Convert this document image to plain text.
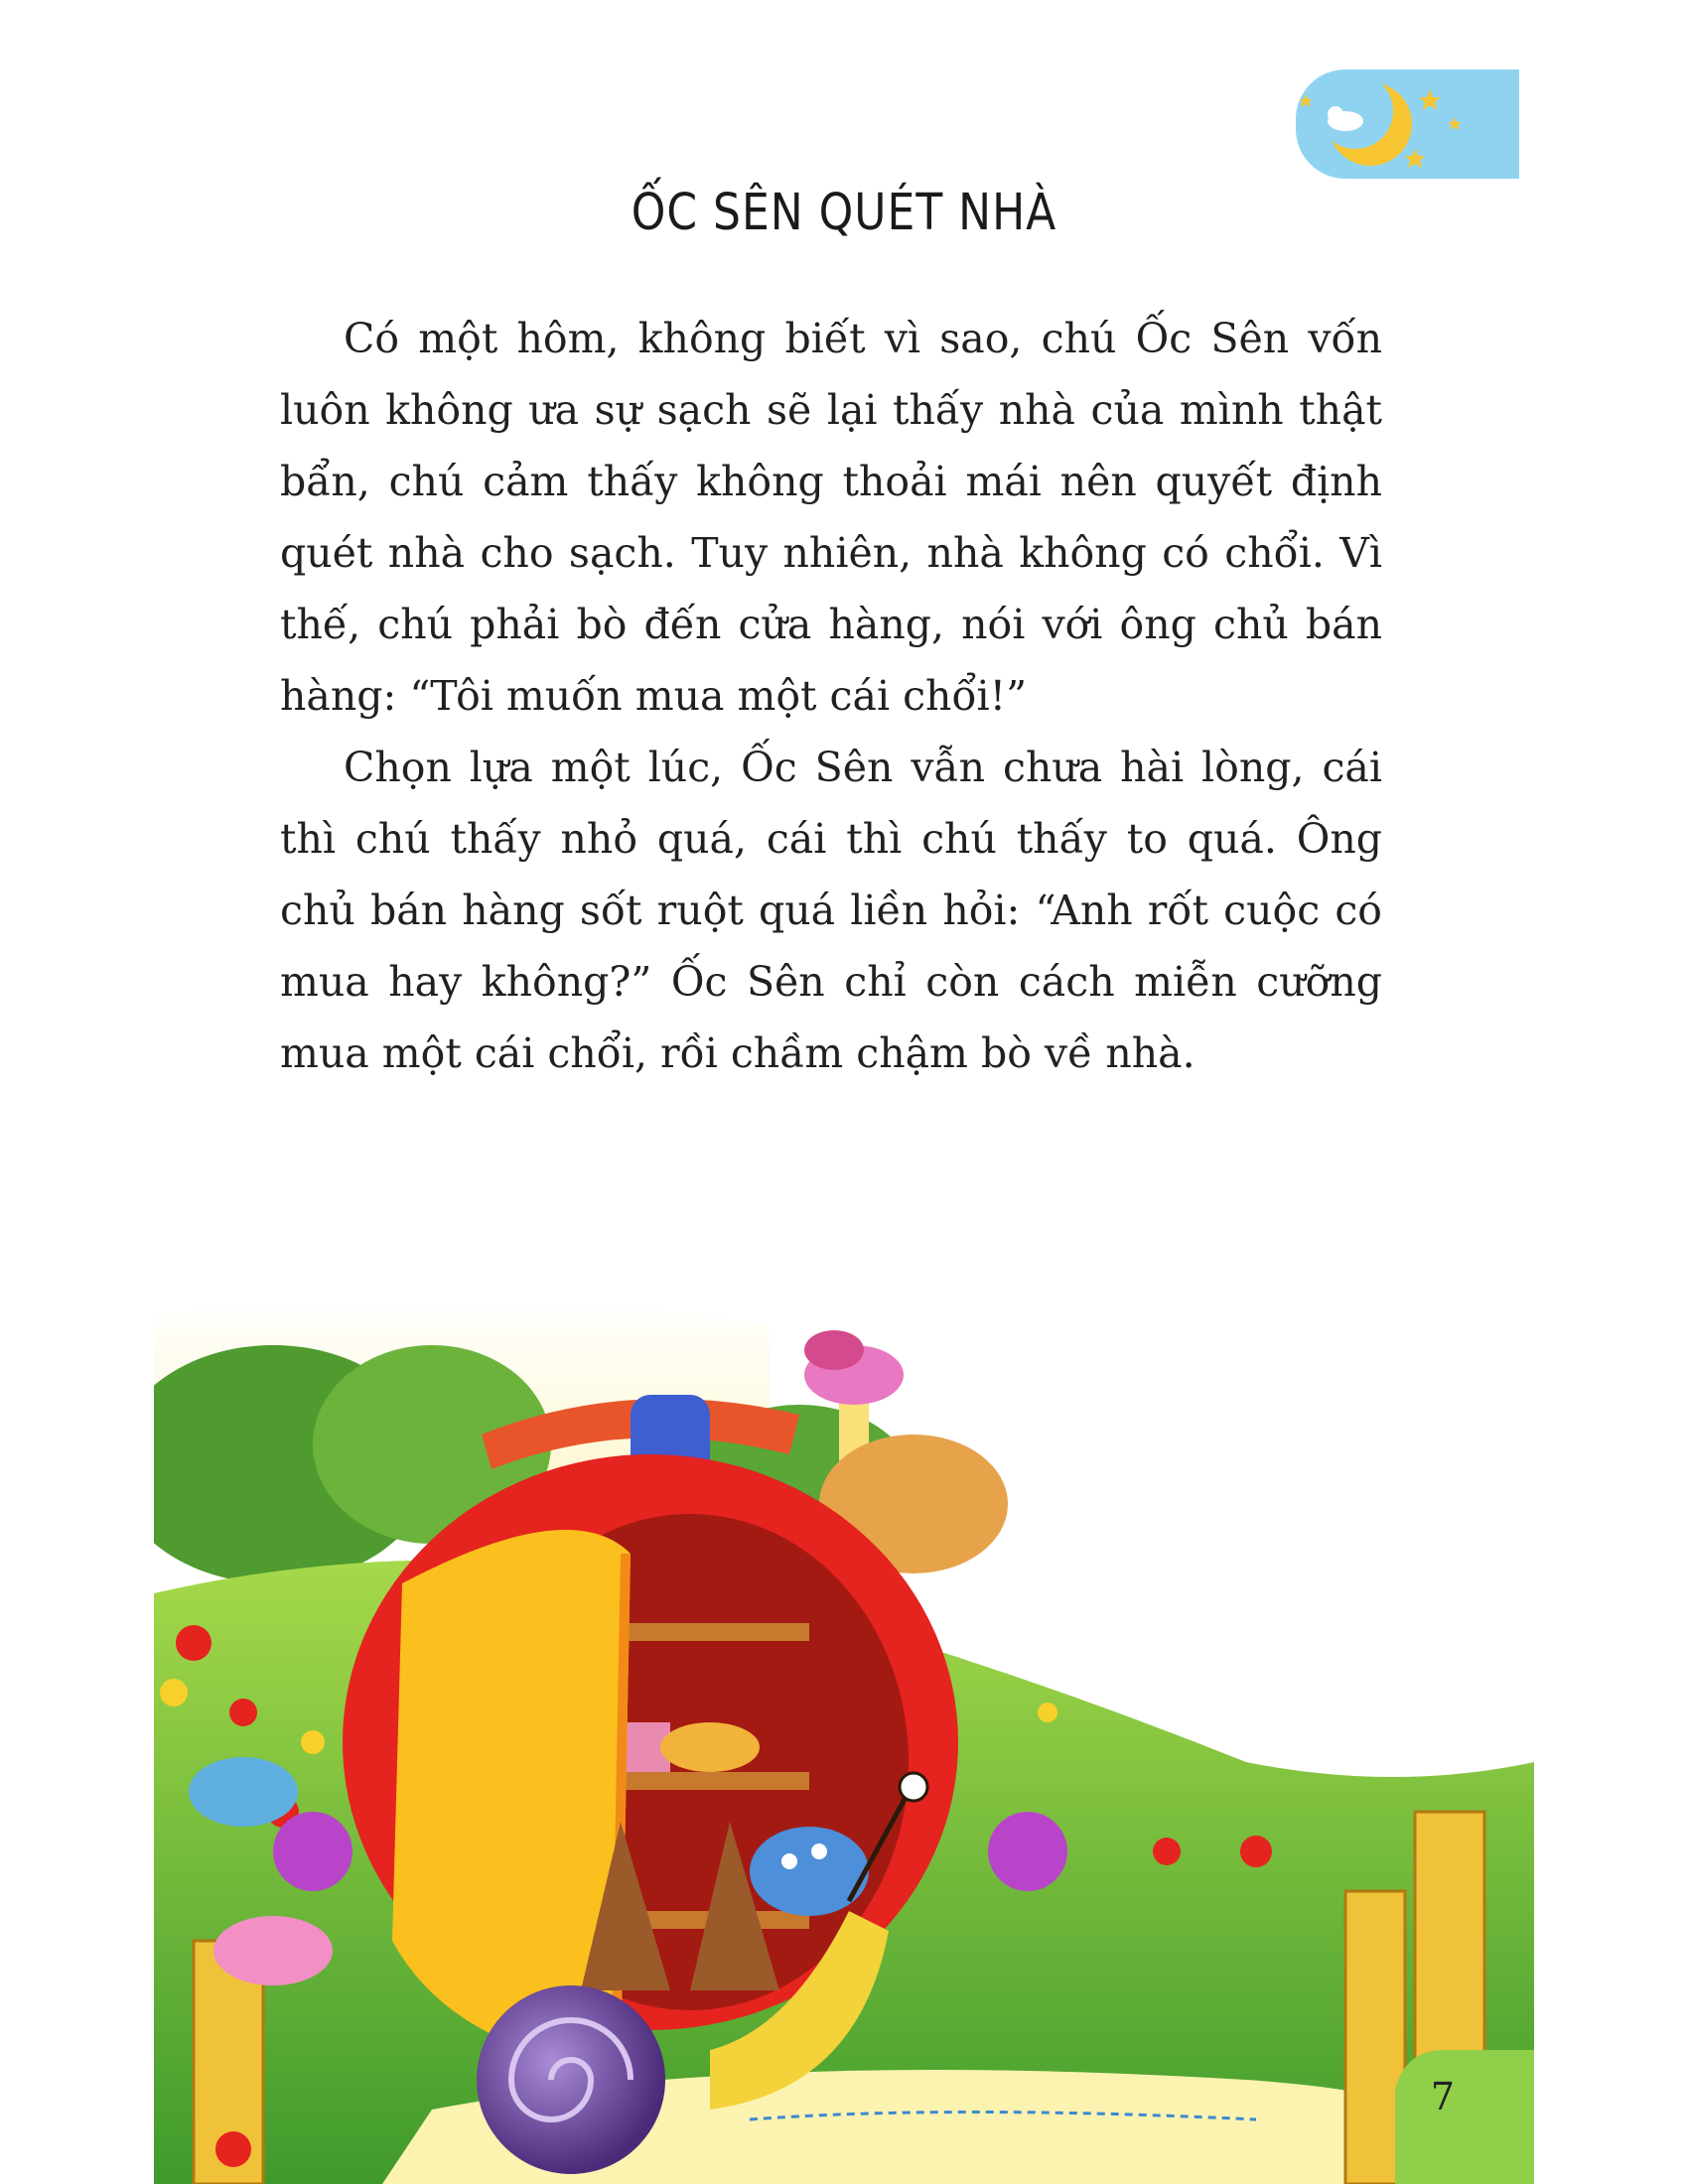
ỐC SÊN QUÉT NHÀ

Có một hôm, không biết vì sao, chú Ốc Sên vốn luôn không ưa sự sạch sẽ lại thấy nhà của mình thật bẩn, chú cảm thấy không thoải mái nên quyết định quét nhà cho sạch. Tuy nhiên, nhà không có chổi. Vì thế, chú phải bò đến cửa hàng, nói với ông chủ bán hàng: “Tôi muốn mua một cái chổi!”

Chọn lựa một lúc, Ốc Sên vẫn chưa hài lòng, cái thì chú thấy nhỏ quá, cái thì chú thấy to quá. Ông chủ bán hàng sốt ruột quá liền hỏi: “Anh rốt cuộc có mua hay không?” Ốc Sên chỉ còn cách miễn cưỡng mua một cái chổi, rồi chầm chậm bò về nhà.

7
